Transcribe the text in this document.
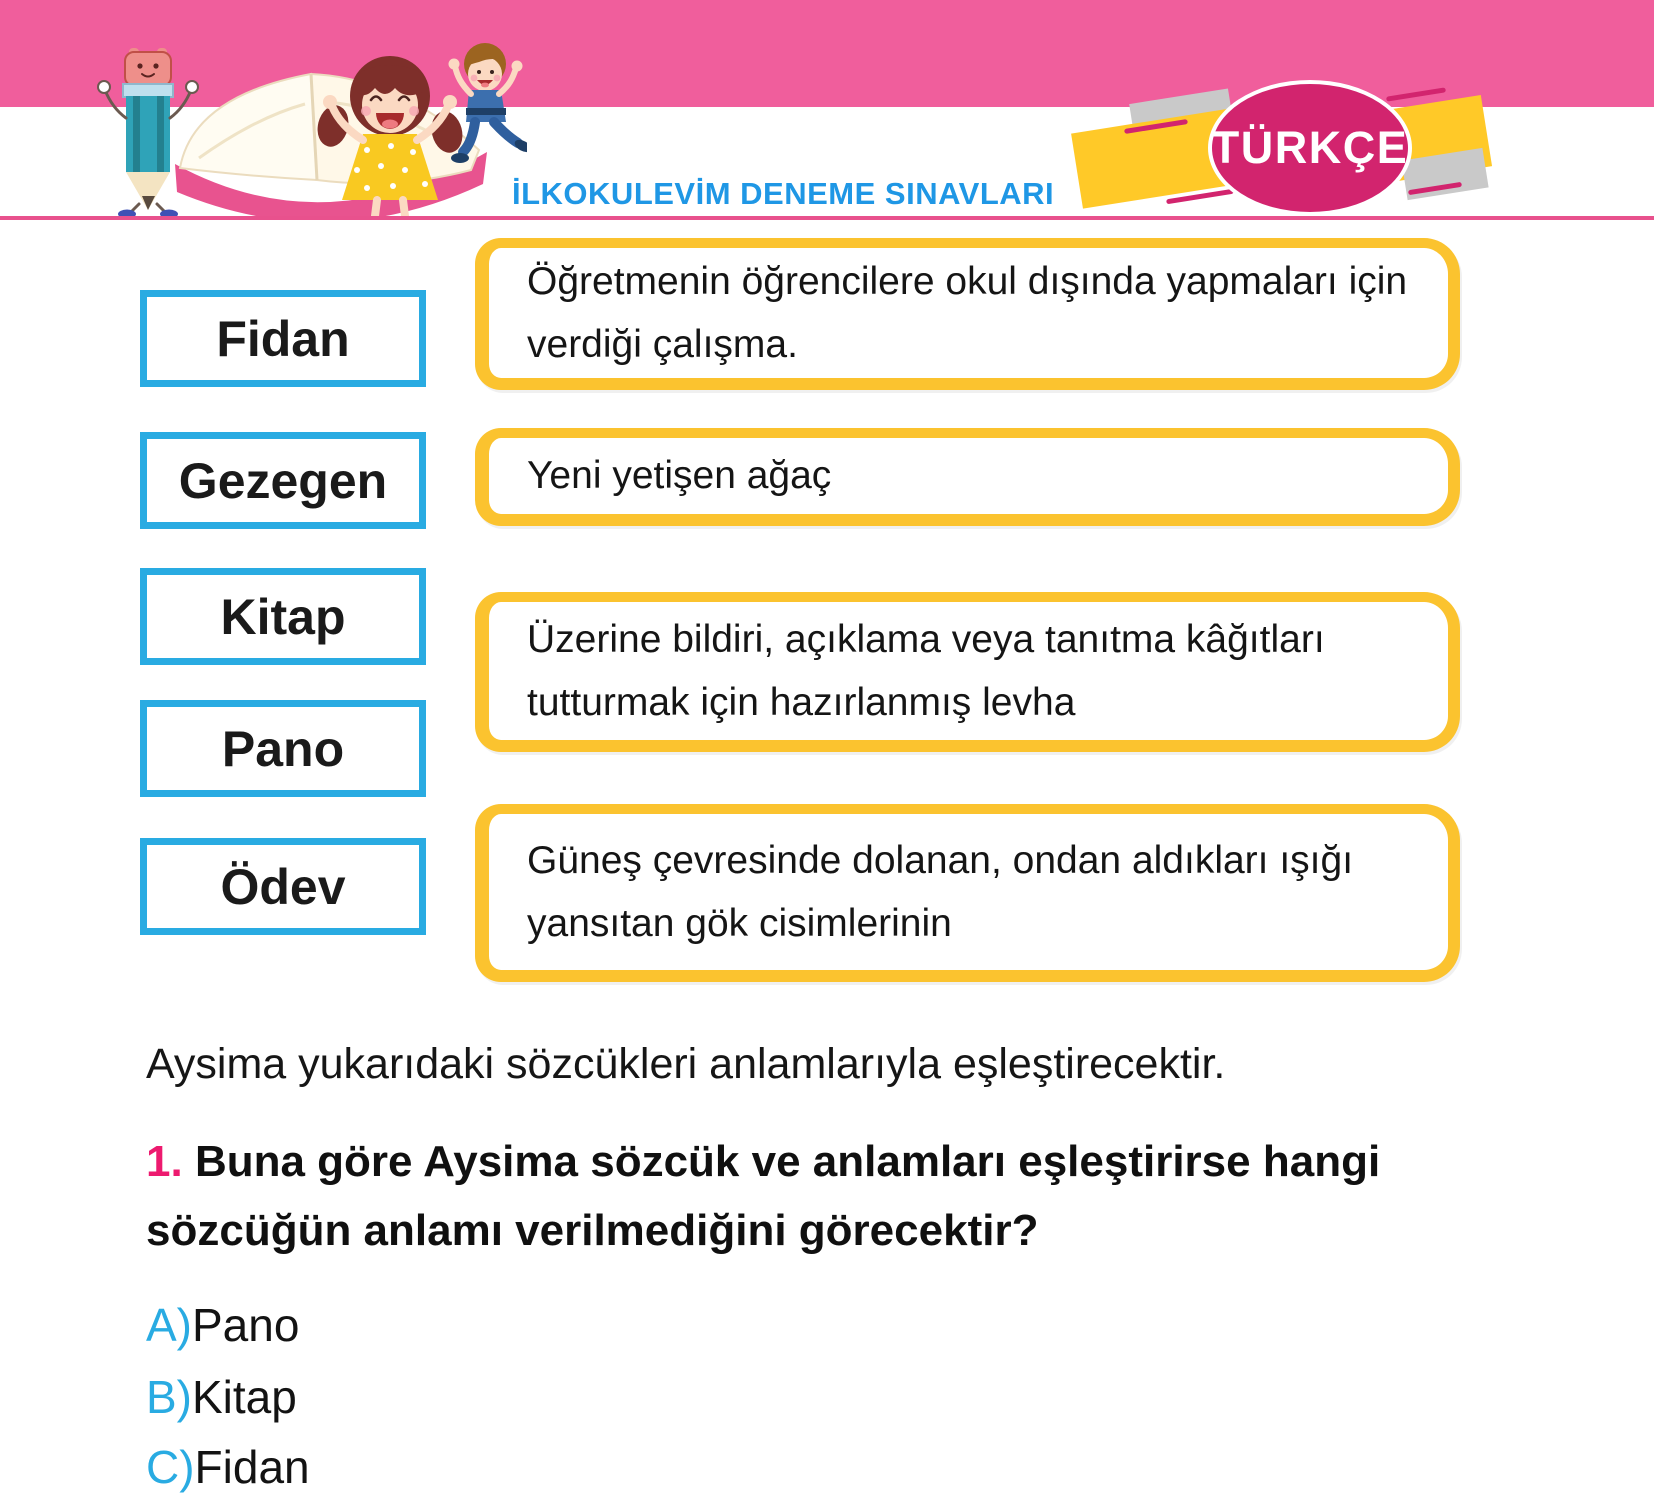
İLKOKULEVİM DENEME SINAVLARI
TÜRKÇE
Fidan
Gezegen
Kitap
Pano
Ödev
Öğretmenin öğrencilere okul dışında yapmaları için verdiği çalışma.
Yeni yetişen ağaç
Üzerine bildiri, açıklama veya tanıtma kâğıtları tutturmak için hazırlanmış levha
Güneş çevresinde dolanan, ondan aldıkları ışığı yansıtan gök cisimlerinin

Aysima yukarıdaki sözcükleri anlamlarıyla eşleştirecektir.

1. Buna göre Aysima sözcük ve anlamları eşleştirirse hangi
sözcüğün anlamı verilmediğini görecektir?

A)Pano
B)Kitap
C)Fidan
